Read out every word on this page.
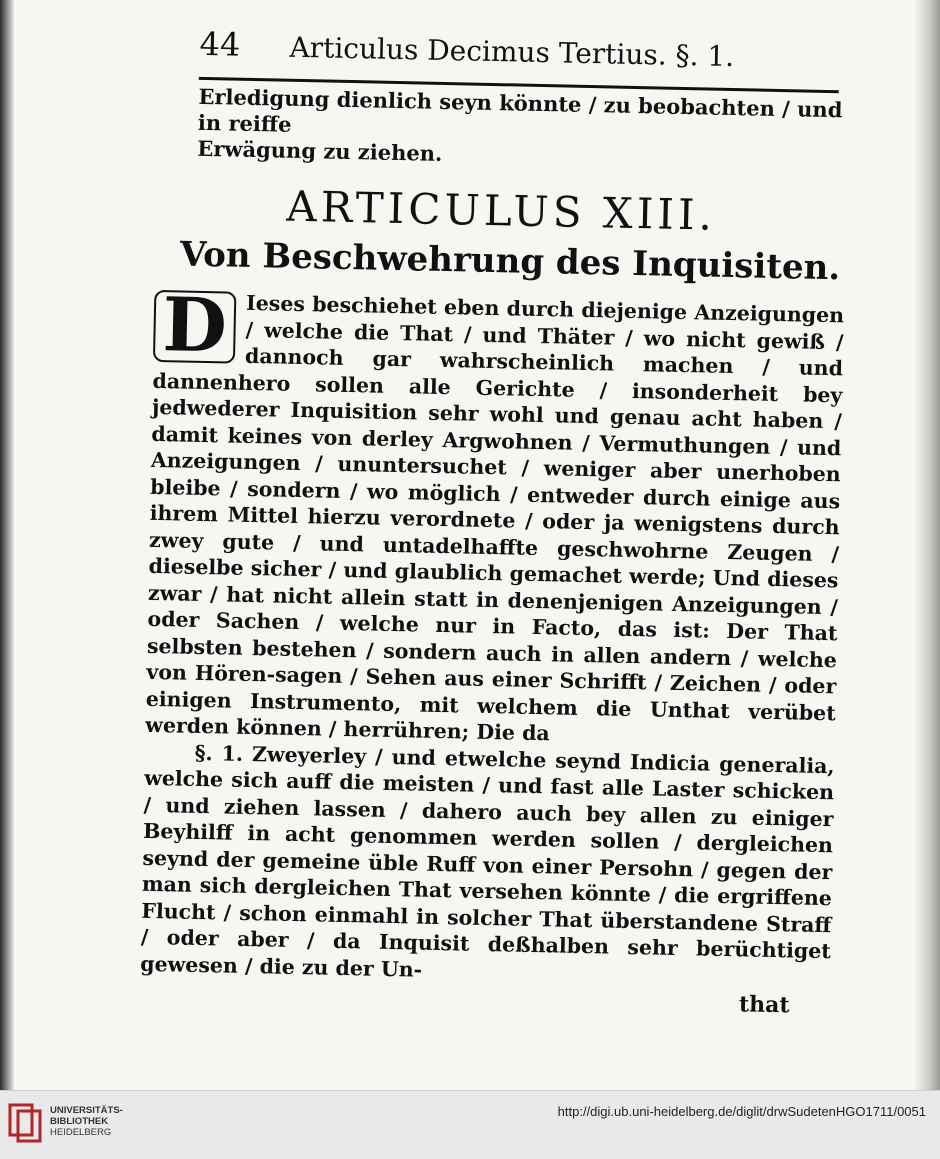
44	Articulus Decimus Tertius. §. 1.
Erledigung dienlich seyn könnte / zu beobachten / und in reiffe
Erwägung zu ziehen.
ARTICULUS XIII.
Von Beschwehrung des Inquisiten.

D Ieses beschiehet eben durch diejenige Anzeigungen / welche die That / und Thäter / wo nicht gewiß / dannoch gar wahrscheinlich machen / und dannenhero sollen alle Gerichte / insonderheit bey jedwederer Inquisition sehr wohl und genau acht haben / damit keines von derley Argwohnen / Vermuthungen / und Anzeigungen / ununtersuchet / weniger aber unerhoben bleibe / sondern / wo möglich / entweder durch einige aus ihrem Mittel hierzu verordnete / oder ja wenigstens durch zwey gute / und untadelhaffte geschwohrne Zeugen / dieselbe sicher / und glaublich gemachet werde; Und dieses zwar / hat nicht allein statt in denenjenigen Anzeigungen / oder Sachen / welche nur in Facto, das ist: Der That selbsten bestehen / sondern auch in allen andern / welche von Hören-sagen / Sehen aus einer Schrifft / Zeichen / oder einigen Instrumento, mit welchem die Unthat verübet werden können / herrühren; Die da

§. 1. Zweyerley / und etwelche seynd Indicia generalia, welche sich auff die meisten / und fast alle Laster schicken / und ziehen lassen / dahero auch bey allen zu einiger Beyhilff in acht genommen werden sollen / dergleichen seynd der gemeine üble Ruff von einer Persohn / gegen der man sich dergleichen That versehen könnte / die ergriffene Flucht / schon einmahl in solcher That überstandene Straff / oder aber / da Inquisit deßhalben sehr berüchtiget gewesen / die zu der Un-

that
UNIVERSITÄTS-
BIBLIOTHEK
HEIDELBERG
http://digi.ub.uni-heidelberg.de/diglit/drwSudetenHGO1711/0051
